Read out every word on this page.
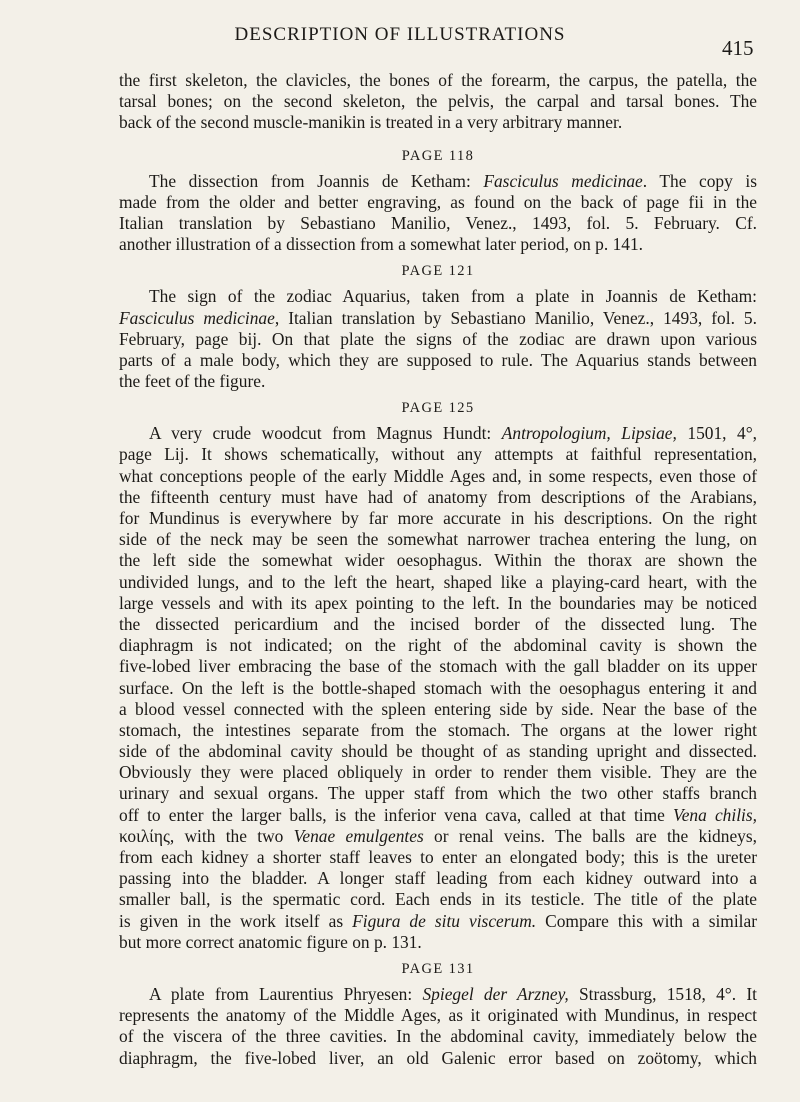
DESCRIPTION OF ILLUSTRATIONS
415
the first skeleton, the clavicles, the bones of the forearm, the carpus, the patella, the
tarsal bones; on the second skeleton, the pelvis, the carpal and tarsal bones. The
back of the second muscle-manikin is treated in a very arbitrary manner.
PAGE 118
The dissection from Joannis de Ketham: Fasciculus medicinae. The copy is
made from the older and better engraving, as found on the back of page fii in the
Italian translation by Sebastiano Manilio, Venez., 1493, fol. 5. February. Cf.
another illustration of a dissection from a somewhat later period, on p. 141.
PAGE 121
The sign of the zodiac Aquarius, taken from a plate in Joannis de Ketham:
Fasciculus medicinae, Italian translation by Sebastiano Manilio, Venez., 1493, fol. 5.
February, page bij. On that plate the signs of the zodiac are drawn upon various
parts of a male body, which they are supposed to rule. The Aquarius stands between
the feet of the figure.
PAGE 125
A very crude woodcut from Magnus Hundt: Antropologium, Lipsiae, 1501, 4°,
page Lij. It shows schematically, without any attempts at faithful representation,
what conceptions people of the early Middle Ages and, in some respects, even those of
the fifteenth century must have had of anatomy from descriptions of the Arabians,
for Mundinus is everywhere by far more accurate in his descriptions. On the right
side of the neck may be seen the somewhat narrower trachea entering the lung, on
the left side the somewhat wider oesophagus. Within the thorax are shown the
undivided lungs, and to the left the heart, shaped like a playing-card heart, with the
large vessels and with its apex pointing to the left. In the boundaries may be noticed
the dissected pericardium and the incised border of the dissected lung. The
diaphragm is not indicated; on the right of the abdominal cavity is shown the
five-lobed liver embracing the base of the stomach with the gall bladder on its upper
surface. On the left is the bottle-shaped stomach with the oesophagus entering it and
a blood vessel connected with the spleen entering side by side. Near the base of the
stomach, the intestines separate from the stomach. The organs at the lower right
side of the abdominal cavity should be thought of as standing upright and dissected.
Obviously they were placed obliquely in order to render them visible. They are the
urinary and sexual organs. The upper staff from which the two other staffs branch
off to enter the larger balls, is the inferior vena cava, called at that time Vena chilis,
κοιλίης, with the two Venae emulgentes or renal veins. The balls are the kidneys,
from each kidney a shorter staff leaves to enter an elongated body; this is the ureter
passing into the bladder. A longer staff leading from each kidney outward into a
smaller ball, is the spermatic cord. Each ends in its testicle. The title of the plate
is given in the work itself as Figura de situ viscerum. Compare this with a similar
but more correct anatomic figure on p. 131.
PAGE 131
A plate from Laurentius Phryesen: Spiegel der Arzney, Strassburg, 1518, 4°. It
represents the anatomy of the Middle Ages, as it originated with Mundinus, in respect
of the viscera of the three cavities. In the abdominal cavity, immediately below the
diaphragm, the five-lobed liver, an old Galenic error based on zoötomy, which
